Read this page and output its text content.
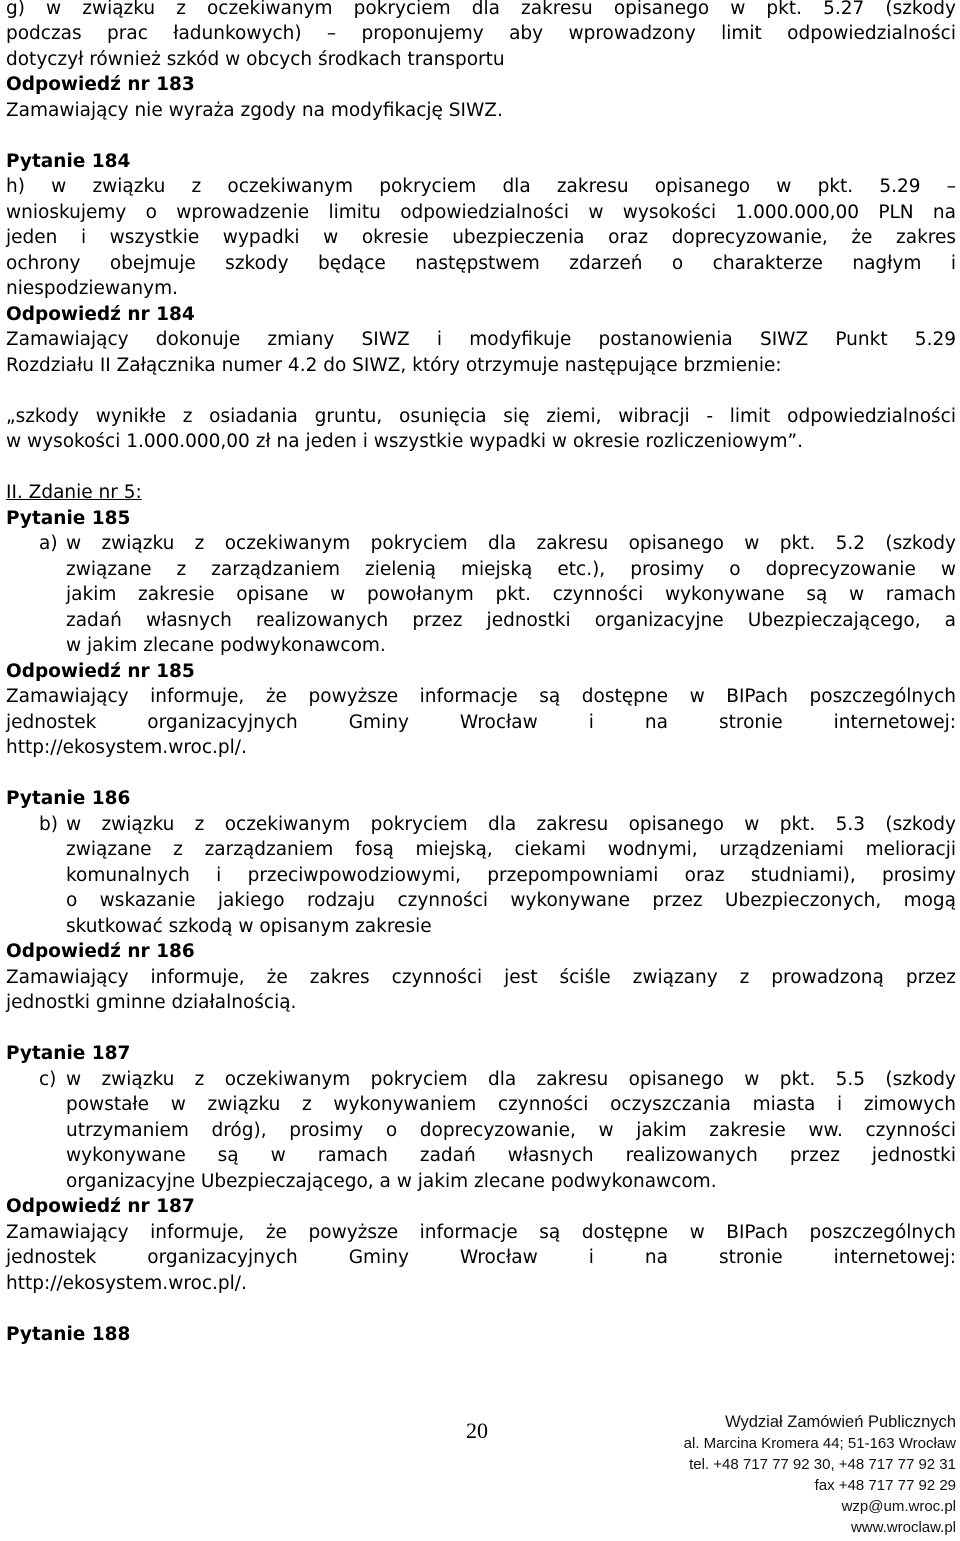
g) w związku z oczekiwanym pokryciem dla zakresu opisanego w pkt. 5.27 (szkody
podczas prac ładunkowych) – proponujemy aby wprowadzony limit odpowiedzialności
dotyczył również szkód w obcych środkach transportu
Odpowiedź nr 183
Zamawiający nie wyraża zgody na modyfikację SIWZ.
Pytanie 184
h) w związku z oczekiwanym pokryciem dla zakresu opisanego w pkt. 5.29 –
wnioskujemy o wprowadzenie limitu odpowiedzialności w wysokości 1.000.000,00 PLN na
jeden i wszystkie wypadki w okresie ubezpieczenia oraz doprecyzowanie, że zakres
ochrony obejmuje szkody będące następstwem zdarzeń o charakterze nagłym i
niespodziewanym.
Odpowiedź nr 184
Zamawiający dokonuje zmiany SIWZ i modyfikuje postanowienia SIWZ Punkt 5.29
Rozdziału II Załącznika numer 4.2 do SIWZ, który otrzymuje następujące brzmienie:
„szkody wynikłe z osiadania gruntu, osunięcia się ziemi, wibracji - limit odpowiedzialności
w wysokości 1.000.000,00 zł na jeden i wszystkie wypadki w okresie rozliczeniowym”.
II. Zdanie nr 5:
Pytanie 185
a) w związku z oczekiwanym pokryciem dla zakresu opisanego w pkt. 5.2 (szkody
związane z zarządzaniem zielenią miejską etc.), prosimy o doprecyzowanie w
jakim zakresie opisane w powołanym pkt. czynności wykonywane są w ramach
zadań własnych realizowanych przez jednostki organizacyjne Ubezpieczającego, a
w jakim zlecane podwykonawcom.
Odpowiedź nr 185
Zamawiający informuje, że powyższe informacje są dostępne w BIPach poszczególnych
jednostek organizacyjnych Gminy Wrocław i na stronie internetowej:
http://ekosystem.wroc.pl/.
Pytanie 186
b) w związku z oczekiwanym pokryciem dla zakresu opisanego w pkt. 5.3 (szkody
związane z zarządzaniem fosą miejską, ciekami wodnymi, urządzeniami melioracji
komunalnych i przeciwpowodziowymi, przepompowniami oraz studniami), prosimy
o wskazanie jakiego rodzaju czynności wykonywane przez Ubezpieczonych, mogą
skutkować szkodą w opisanym zakresie
Odpowiedź nr 186
Zamawiający informuje, że zakres czynności jest ściśle związany z prowadzoną przez
jednostki gminne działalnością.
Pytanie 187
c) w związku z oczekiwanym pokryciem dla zakresu opisanego w pkt. 5.5 (szkody
powstałe w związku z wykonywaniem czynności oczyszczania miasta i zimowych
utrzymaniem dróg), prosimy o doprecyzowanie, w jakim zakresie ww. czynności
wykonywane są w ramach zadań własnych realizowanych przez jednostki
organizacyjne Ubezpieczającego, a w jakim zlecane podwykonawcom.
Odpowiedź nr 187
Zamawiający informuje, że powyższe informacje są dostępne w BIPach poszczególnych
jednostek organizacyjnych Gminy Wrocław i na stronie internetowej:
http://ekosystem.wroc.pl/.
Pytanie 188
20	Wydział Zamówień Publicznych
al. Marcina Kromera 44; 51-163 Wrocław
tel. +48 717 77 92 30, +48 717 77 92 31
fax +48 717 77 92 29
wzp@um.wroc.pl
www.wroclaw.pl
